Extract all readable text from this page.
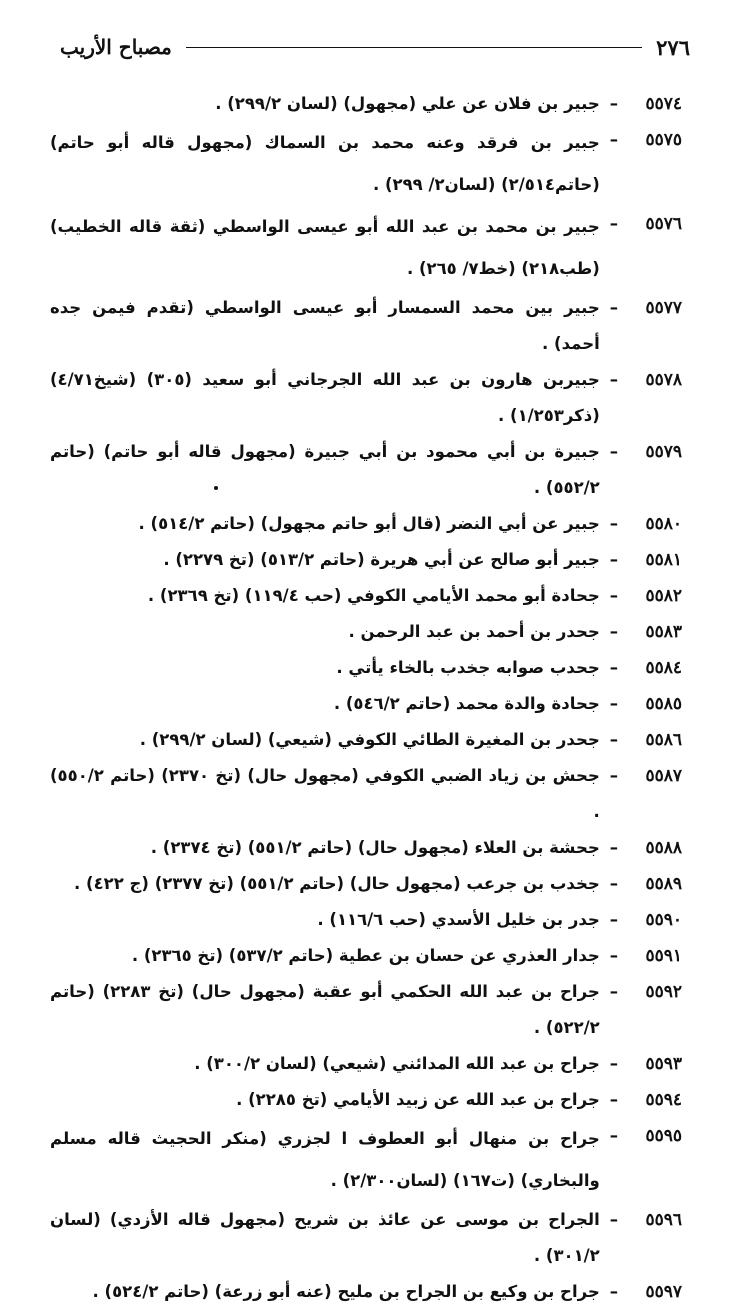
٢٧٦
مصباح الأريب
٥٥٧٤
–
جبير بن فلان عن علي (مجهول) (لسان ٢٩٩/٢) .
٥٥٧٥
–
جبير بن فرقد وعنه محمد بن السماك (مجهول قاله أبو حاتم) (حاتم٢/٥١٤) (لسان٢/ ٢٩٩) .
٥٥٧٦
–
جبير بن محمد بن عبد الله أبو عيسى الواسطي (ثقة قاله الخطيب) (طب٢١٨) (خط٧/ ٢٦٥) .
٥٥٧٧
–
جبير بين محمد السمسار أبو عيسى الواسطي (تقدم فيمن جده أحمد) .
٥٥٧٨
–
جبيربن هارون بن عبد الله الجرجاني أبو سعيد (٣٠٥) (شيخ٤/٧١) (ذكر١/٢٥٣) .
٥٥٧٩
–
جبيرة بن أبي محمود بن أبي جبيرة (مجهول قاله أبو حاتم) (حاتم ٥٥٢/٢) .
٥٥٨٠
–
جبير عن أبي النضر (قال أبو حاتم مجهول) (حاتم ٥١٤/٢) .
٥٥٨١
–
جبير أبو صالح عن أبي هريرة (حاتم ٥١٣/٢) (تخ ٢٢٧٩) .
٥٥٨٢
–
جحادة أبو محمد الأيامي الكوفي (حب ١١٩/٤) (تخ ٢٣٦٩) .
٥٥٨٣
–
جحدر بن أحمد بن عبد الرحمن .
٥٥٨٤
–
جحدب صوابه جخدب بالخاء يأتي .
٥٥٨٥
–
جحادة والدة محمد (حاتم ٥٤٦/٢) .
٥٥٨٦
–
جحدر بن المغيرة الطائي الكوفي (شيعي) (لسان ٢٩٩/٢) .
٥٥٨٧
–
جحش بن زياد الضبي الكوفي (مجهول حال) (تخ ٢٣٧٠) (حاتم ٥٥٠/٢) .
٥٥٨٨
–
جحشة بن العلاء (مجهول حال) (حاتم ٥٥١/٢) (تخ ٢٣٧٤) .
٥٥٨٩
–
جخدب بن جرعب (مجهول حال) (حاتم ٥٥١/٢) (تخ ٢٣٧٧) (ج ٤٢٢) .
٥٥٩٠
–
جدر بن خليل الأسدي (حب ١١٦/٦) .
٥٥٩١
–
جدار العذري عن حسان بن عطية (حاتم ٥٣٧/٢) (تخ ٢٣٦٥) .
٥٥٩٢
–
جراح بن عبد الله الحكمي أبو عقبة (مجهول حال) (تخ ٢٢٨٣) (حاتم ٥٢٢/٢) .
٥٥٩٣
–
جراح بن عبد الله المدائني (شيعي) (لسان ٣٠٠/٢) .
٥٥٩٤
–
جراح بن عبد الله عن زبيد الأيامي (تخ ٢٢٨٥) .
٥٥٩٥
–
جراح بن منهال أبو العطوف ا لجزري (منكر الحجيث قاله مسلم والبخاري) (ت١٦٧) (لسان٢/٣٠٠) .
٥٥٩٦
–
الجراح بن موسى عن عائذ بن شريح (مجهول قاله الأزدي) (لسان ٣٠١/٢) .
٥٥٩٧
–
جراح بن وكيع بن الجراح بن مليح (عنه أبو زرعة) (حاتم ٥٢٤/٢) .
